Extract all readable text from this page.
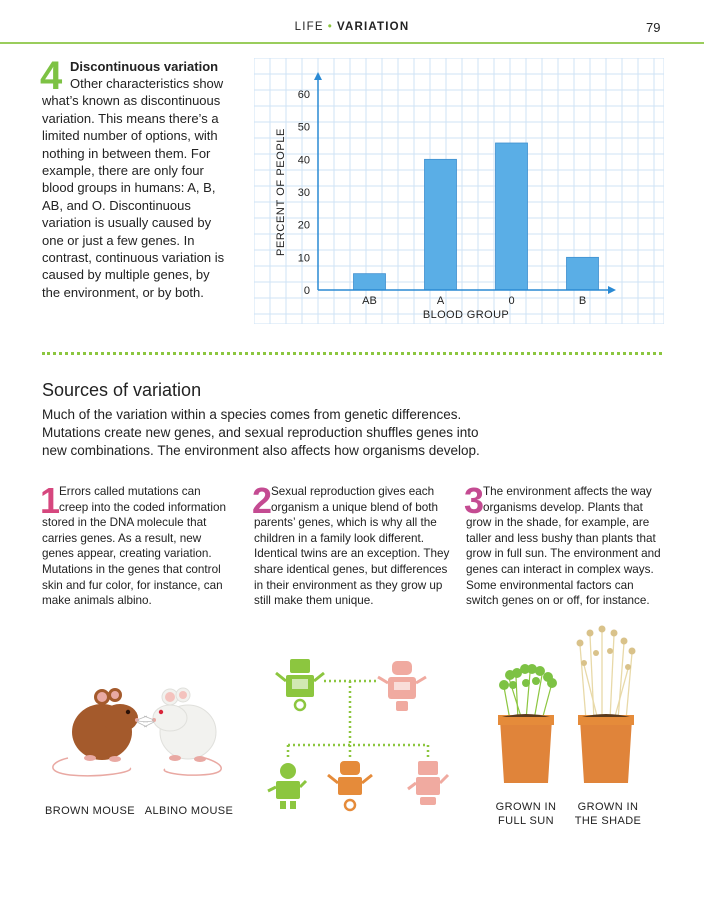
LIFE • VARIATION	79
4 Discontinuous variation
Other characteristics show
what’s known as discontinuous
variation. This means there’s a
limited number of options, with
nothing in between them. For
example, there are only four
blood groups in humans: A, B,
AB, and O. Discontinuous
variation is usually caused by
one or just a few genes. In
contrast, continuous variation is
caused by multiple genes, by
the environment, or by both.
AB	A	0	B
0
10
20
30
40
50
60
BLOOD GROUP
PERCENT OF PEOPLE
Sources of variation
Much of the variation within a species comes from genetic differences.
Mutations create new genes, and sexual reproduction shuffles genes into
new combinations. The environment also affects how organisms develop.
1
Errors called mutations can
creep into the coded information
stored in the DNA molecule that
carries genes. As a result, new
genes appear, creating variation.
Mutations in the genes that control
skin and fur color, for instance, can
make animals albino.
2
Sexual reproduction gives each
organism a unique blend of both
parents’ genes, which is why all the
children in a family look different.
Identical twins are an exception. They
share identical genes, but differences
in their environment as they grow up
still make them unique.
3
The environment affects the way
organisms develop. Plants that
grow in the shade, for example, are
taller and less bushy than plants that
grow in full sun. The environment and
genes can interact in complex ways.
Some environmental factors can
switch genes on or off, for instance.
BROWN MOUSE ALBINO MOUSE	GROWN IN
FULL SUN
GROWN IN
THE SHADE
